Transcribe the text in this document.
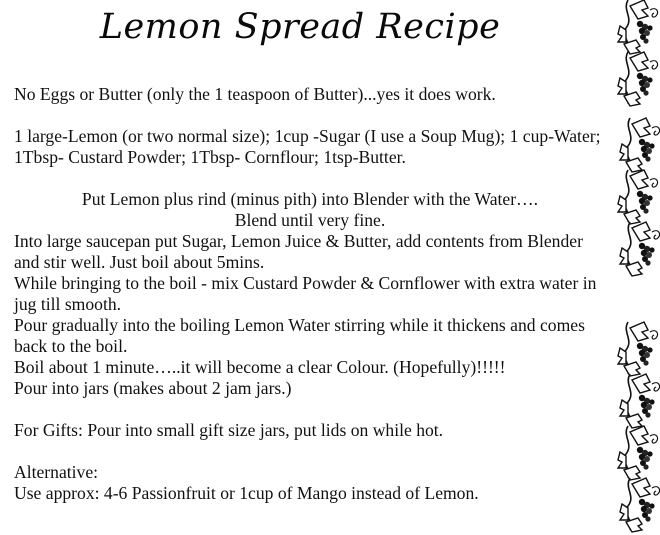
Lemon Spread Recipe

No Eggs or Butter (only the 1 teaspoon of Butter)...yes it does work.

1 large-Lemon (or two normal size); 1cup -Sugar (I use a Soup Mug); 1 cup-Water; 1Tbsp- Custard Powder; 1Tbsp- Cornflour; 1tsp-Butter.

Put Lemon plus rind (minus pith) into Blender with the Water….

Blend until very fine.

Into large saucepan put Sugar, Lemon Juice & Butter, add contents from Blender and stir well. Just boil about 5mins.

While bringing to the boil - mix Custard Powder & Cornflower with extra water in jug till smooth.

Pour gradually into the boiling Lemon Water stirring while it thickens and comes back to the boil.

Boil about 1 minute…..it will become a clear Colour. (Hopefully)!!!!!

Pour into jars (makes about 2 jam jars.)

For Gifts: Pour into small gift size jars, put lids on while hot.

Alternative:

Use approx: 4-6 Passionfruit or 1cup of Mango instead of Lemon.
